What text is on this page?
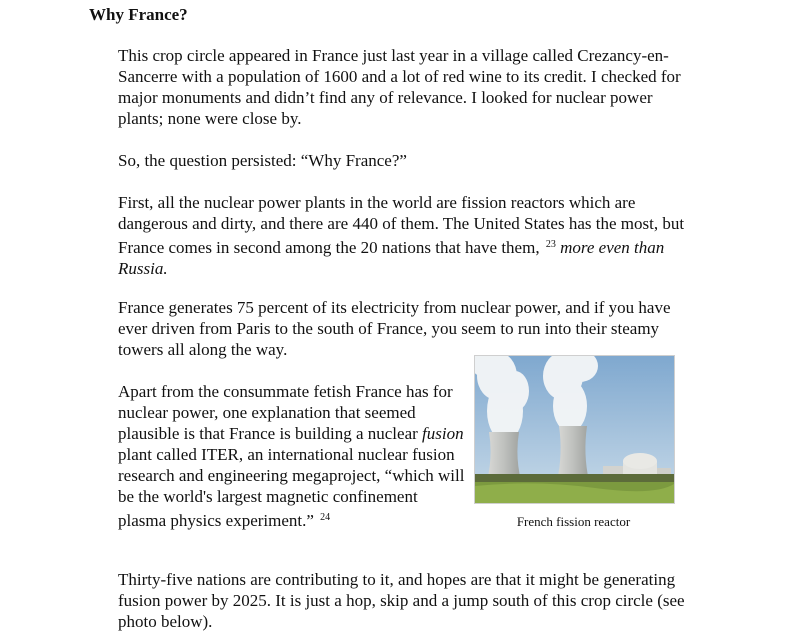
Why France?

This crop circle appeared in France just last year in a village called Crezancy-en-Sancerre with a population of 1600 and a lot of red wine to its credit. I checked for major monuments and didn’t find any of relevance. I looked for nuclear power plants; none were close by.

So, the question persisted: “Why France?”

First, all the nuclear power plants in the world are fission reactors which are dangerous and dirty, and there are 440 of them. The United States has the most, but France comes in second among the 20 nations that have them, $^{23}$ more even than Russia.

France generates 75 percent of its electricity from nuclear power, and if you have ever driven from Paris to the south of France, you seem to run into their steamy towers all along the way.

Apart from the consummate fetish France has for nuclear power, one explanation that seemed plausible is that France is building a nuclear fusion plant called ITER, an international nuclear fusion research and engineering megaproject, “which will be the world's largest magnetic confinement plasma physics experiment.” $^{24}$	French fission reactor

Thirty-five nations are contributing to it, and hopes are that it might be generating fusion power by 2025. It is just a hop, skip and a jump south of this crop circle (see photo below).
